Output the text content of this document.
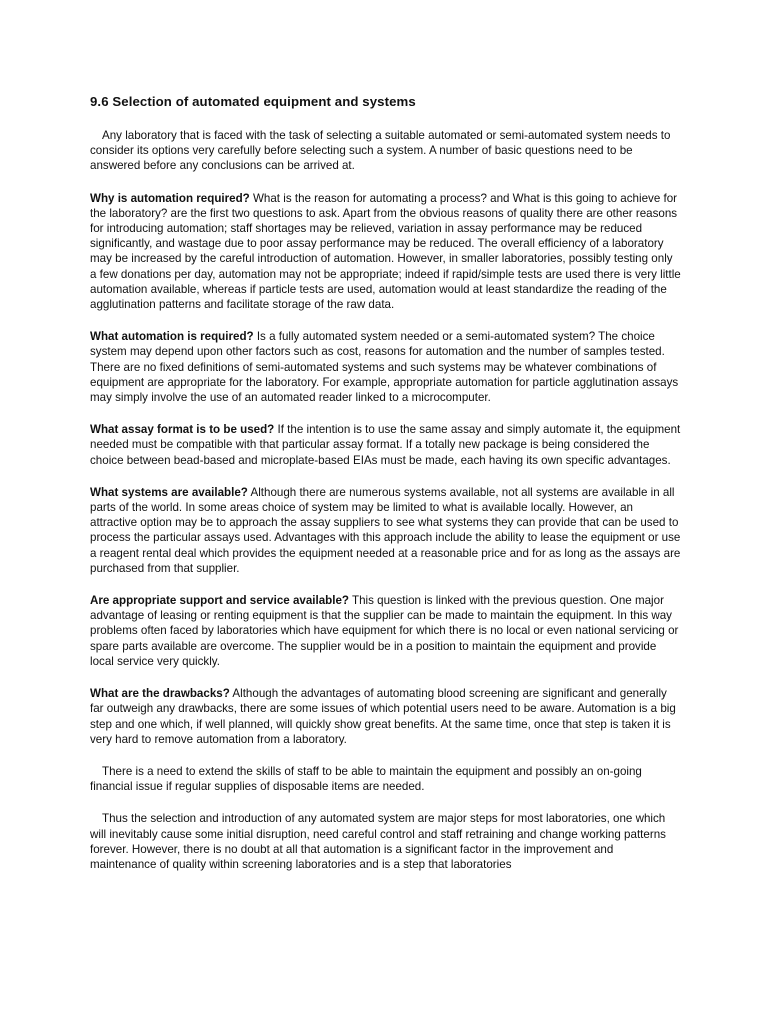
9.6 Selection of automated equipment and systems

Any laboratory that is faced with the task of selecting a suitable automated or semi-automated system needs to consider its options very carefully before selecting such a system. A number of basic questions need to be answered before any conclusions can be arrived at.

Why is automation required? What is the reason for automating a process? and What is this going to achieve for the laboratory? are the first two questions to ask. Apart from the obvious reasons of quality there are other reasons for introducing automation; staff shortages may be relieved, variation in assay performance may be reduced significantly, and wastage due to poor assay performance may be reduced. The overall efficiency of a laboratory may be increased by the careful introduction of automation. However, in smaller laboratories, possibly testing only a few donations per day, automation may not be appropriate; indeed if rapid/simple tests are used there is very little automation available, whereas if particle tests are used, automation would at least standardize the reading of the agglutination patterns and facilitate storage of the raw data.

What automation is required? Is a fully automated system needed or a semi-automated system? The choice system may depend upon other factors such as cost, reasons for automation and the number of samples tested. There are no fixed definitions of semi-automated systems and such systems may be whatever combinations of equipment are appropriate for the laboratory. For example, appropriate automation for particle agglutination assays may simply involve the use of an automated reader linked to a microcomputer.

What assay format is to be used? If the intention is to use the same assay and simply automate it, the equipment needed must be compatible with that particular assay format. If a totally new package is being considered the choice between bead-based and microplate-based EIAs must be made, each having its own specific advantages.

What systems are available? Although there are numerous systems available, not all systems are available in all parts of the world. In some areas choice of system may be limited to what is available locally. However, an attractive option may be to approach the assay suppliers to see what systems they can provide that can be used to process the particular assays used. Advantages with this approach include the ability to lease the equipment or use a reagent rental deal which provides the equipment needed at a reasonable price and for as long as the assays are purchased from that supplier.

Are appropriate support and service available? This question is linked with the previous question. One major advantage of leasing or renting equipment is that the supplier can be made to maintain the equipment. In this way problems often faced by laboratories which have equipment for which there is no local or even national servicing or spare parts available are overcome. The supplier would be in a position to maintain the equipment and provide local service very quickly.

What are the drawbacks? Although the advantages of automating blood screening are significant and generally far outweigh any drawbacks, there are some issues of which potential users need to be aware. Automation is a big step and one which, if well planned, will quickly show great benefits. At the same time, once that step is taken it is very hard to remove automation from a laboratory.

There is a need to extend the skills of staff to be able to maintain the equipment and possibly an on-going financial issue if regular supplies of disposable items are needed.

Thus the selection and introduction of any automated system are major steps for most laboratories, one which will inevitably cause some initial disruption, need careful control and staff retraining and change working patterns forever. However, there is no doubt at all that automation is a significant factor in the improvement and maintenance of quality within screening laboratories and is a step that laboratories
